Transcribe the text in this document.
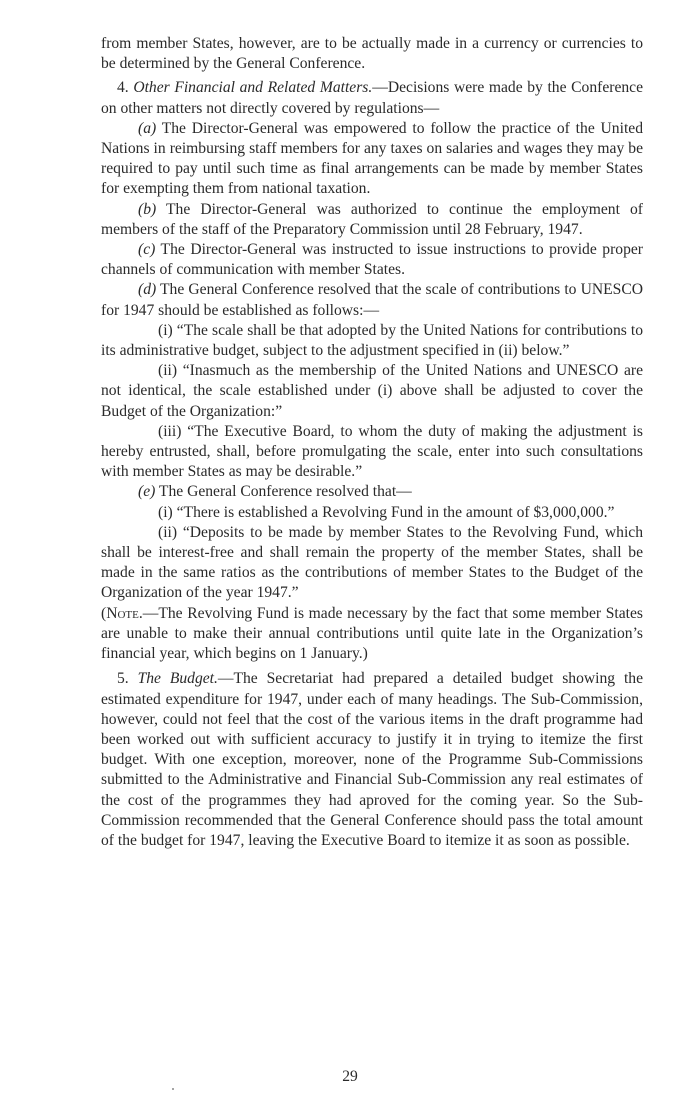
from member States, however, are to be actually made in a currency or currencies to be determined by the General Conference.

4. Other Financial and Related Matters.—Decisions were made by the Conference on other matters not directly covered by regulations—

(a) The Director-General was empowered to follow the practice of the United Nations in reimbursing staff members for any taxes on salaries and wages they may be required to pay until such time as final arrangements can be made by member States for exempting them from national taxation.

(b) The Director-General was authorized to continue the employment of members of the staff of the Preparatory Commission until 28 February, 1947.

(c) The Director-General was instructed to issue instructions to provide proper channels of communication with member States.

(d) The General Conference resolved that the scale of contributions to UNESCO for 1947 should be established as follows:—

(i) “The scale shall be that adopted by the United Nations for contributions to its administrative budget, subject to the adjustment specified in (ii) below.”

(ii) “Inasmuch as the membership of the United Nations and UNESCO are not identical, the scale established under (i) above shall be adjusted to cover the Budget of the Organization:”

(iii) “The Executive Board, to whom the duty of making the adjustment is hereby entrusted, shall, before promulgating the scale, enter into such consultations with member States as may be desirable.”

(e) The General Conference resolved that—

(i) “There is established a Revolving Fund in the amount of $3,000,000.”

(ii) “Deposits to be made by member States to the Revolving Fund, which shall be interest-free and shall remain the property of the member States, shall be made in the same ratios as the contributions of member States to the Budget of the Organization of the year 1947.”

(Note.—The Revolving Fund is made necessary by the fact that some member States are unable to make their annual contributions until quite late in the Organization’s financial year, which begins on 1 January.)

5. The Budget.—The Secretariat had prepared a detailed budget showing the estimated expenditure for 1947, under each of many headings. The Sub-Commission, however, could not feel that the cost of the various items in the draft programme had been worked out with sufficient accuracy to justify it in trying to itemize the first budget. With one exception, moreover, none of the Programme Sub-Commissions submitted to the Administrative and Financial Sub-Commission any real estimates of the cost of the programmes they had aproved for the coming year. So the Sub-Commission recommended that the General Conference should pass the total amount of the budget for 1947, leaving the Executive Board to itemize it as soon as possible.

29
